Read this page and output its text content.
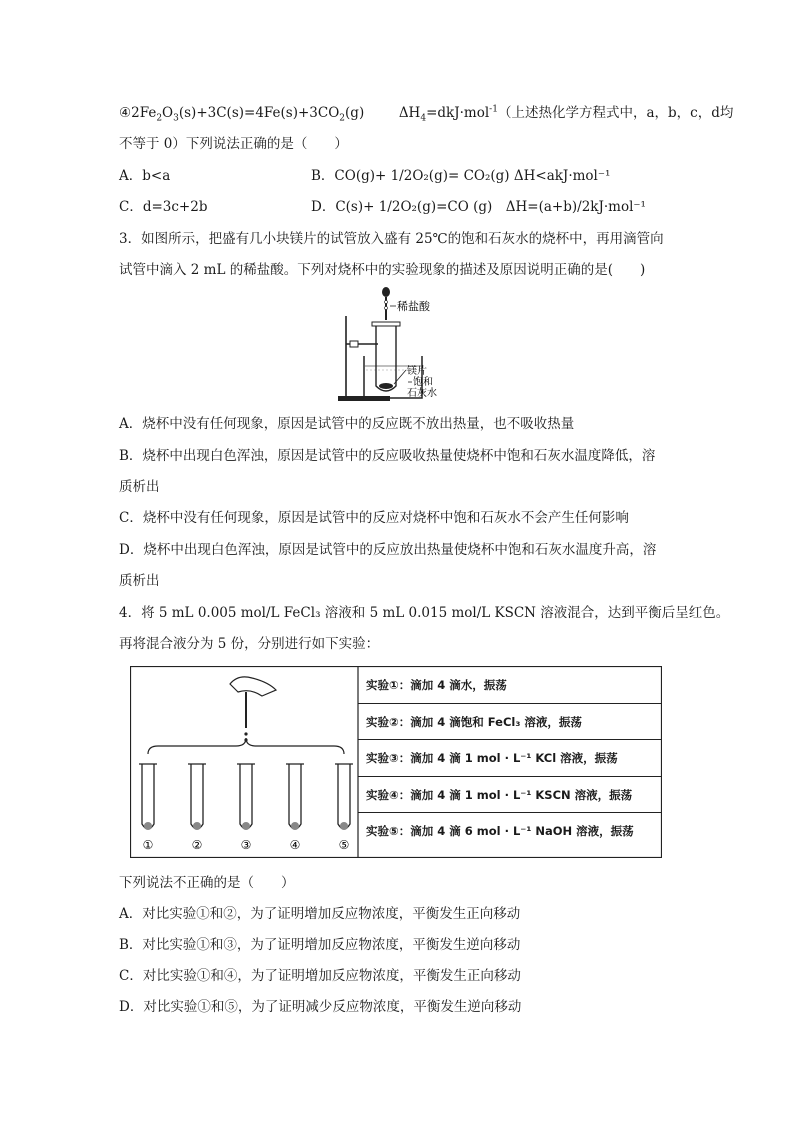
$④2Fe_2O_3(s)+3C(s)=4Fe(s)+3CO_2(g)$	$\Delta H_4=dkJ\cdot mol^{-1}$（上述热化学方程式中，a，b，c，d均
不等于 0）下列说法正确的是（　　）
A．b<a	B．CO(g)+ 1/2O₂(g)= CO₂(g) ΔH<akJ·mol⁻¹
C．d=3c+2b	D．C(s)+ 1/2O₂(g)=CO (g)　ΔH=(a+b)/2kJ·mol⁻¹
3．如图所示，把盛有几小块镁片的试管放入盛有 25℃的饱和石灰水的烧杯中，再用滴管向
试管中滴入 2 mL 的稀盐酸。下列对烧杯中的实验现象的描述及原因说明正确的是(　　)
稀盐酸
镁片
饱和
石灰水
A．烧杯中没有任何现象，原因是试管中的反应既不放出热量，也不吸收热量
B．烧杯中出现白色浑浊，原因是试管中的反应吸收热量使烧杯中饱和石灰水温度降低，溶
质析出
C．烧杯中没有任何现象，原因是试管中的反应对烧杯中饱和石灰水不会产生任何影响
D．烧杯中出现白色浑浊，原因是试管中的反应放出热量使烧杯中饱和石灰水温度升高，溶
质析出
4．将 5 mL 0.005 mol/L FeCl₃ 溶液和 5 mL 0.015 mol/L KSCN 溶液混合，达到平衡后呈红色。
再将混合液分为 5 份，分别进行如下实验：
①	②	③	④	⑤
实验①：滴加 4 滴水，振荡
实验②：滴加 4 滴饱和 FeCl₃ 溶液，振荡
实验③：滴加 4 滴 1 mol · L⁻¹ KCl 溶液，振荡
实验④：滴加 4 滴 1 mol · L⁻¹ KSCN 溶液，振荡
实验⑤：滴加 4 滴 6 mol · L⁻¹ NaOH 溶液，振荡
下列说法不正确的是（　　）
A．对比实验①和②，为了证明增加反应物浓度，平衡发生正向移动
B．对比实验①和③，为了证明增加反应物浓度，平衡发生逆向移动
C．对比实验①和④，为了证明增加反应物浓度，平衡发生正向移动
D．对比实验①和⑤，为了证明减少反应物浓度，平衡发生逆向移动
